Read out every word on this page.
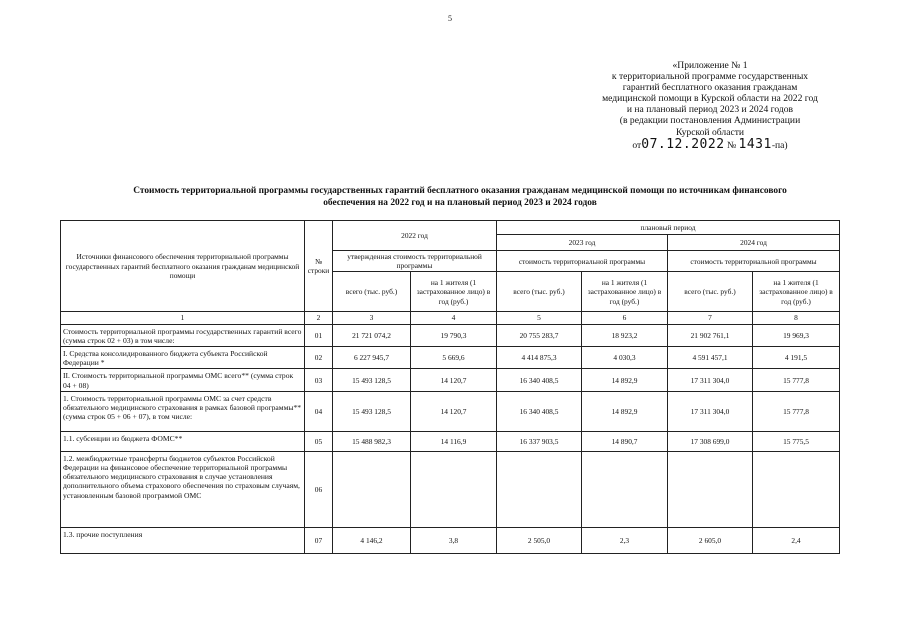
5
«Приложение № 1
к территориальной программе государственных
гарантий бесплатного оказания гражданам
медицинской помощи в Курской области на 2022 год
и на плановый период 2023 и 2024 годов
(в редакции постановления Администрации
Курской области
от07.12.2022 № 1431-па)
Стоимость территориальной программы государственных гарантий бесплатного оказания гражданам медицинской помощи по источникам финансового
обеспечения на 2022 год и на плановый период 2023 и 2024 годов
Источники финансового обеспечения территориальной программы государственных гарантий бесплатного оказания гражданам медицинской помощи	№ строки	2022 год		плановый период			
				2023 год		2024 год	
		утвержденная стоимость территориальной программы		стоимость территориальной программы		стоимость территориальной программы	
		всего (тыс. руб.)	на 1 жителя (1 застрахованное лицо) в год (руб.)	всего (тыс. руб.)	на 1 жителя (1 застрахованное лицо) в год (руб.)	всего (тыс. руб.)	на 1 жителя (1 застрахованное лицо) в год (руб.)
1	2	3	4	5	6	7	8
Стоимость территориальной программы государственных гарантий всего (сумма строк 02 + 03) в том числе:	01	21 721 074,2	19 790,3	20 755 283,7	18 923,2	21 902 761,1	19 969,3
I. Средства консолидированного бюджета субъекта Российской Федерации *	02	6 227 945,7	5 669,6	4 414 875,3	4 030,3	4 591 457,1	4 191,5
II. Стоимость территориальной программы ОМС всего** (сумма строк 04 + 08)	03	15 493 128,5	14 120,7	16 340 408,5	14 892,9	17 311 304,0	15 777,8
1. Стоимость территориальной программы ОМС за счет средств обязательного медицинского страхования в рамках базовой программы** (сумма строк 05 + 06 + 07), в том числе:	04	15 493 128,5	14 120,7	16 340 408,5	14 892,9	17 311 304,0	15 777,8
1.1. субсенции из бюджета ФОМС**	05	15 488 982,3	14 116,9	16 337 903,5	14 890,7	17 308 699,0	15 775,5
1.2. межбюджетные трансферты бюджетов субъектов Российской Федерации на финансовое обеспечение территориальной программы обязательного медицинского страхования в случае установления дополнительного объема страхового обеспечения по страховым случаям, установленным базовой программой ОМС	06						
1.3. прочие поступления	07	4 146,2	3,8	2 505,0	2,3	2 605,0	2,4
